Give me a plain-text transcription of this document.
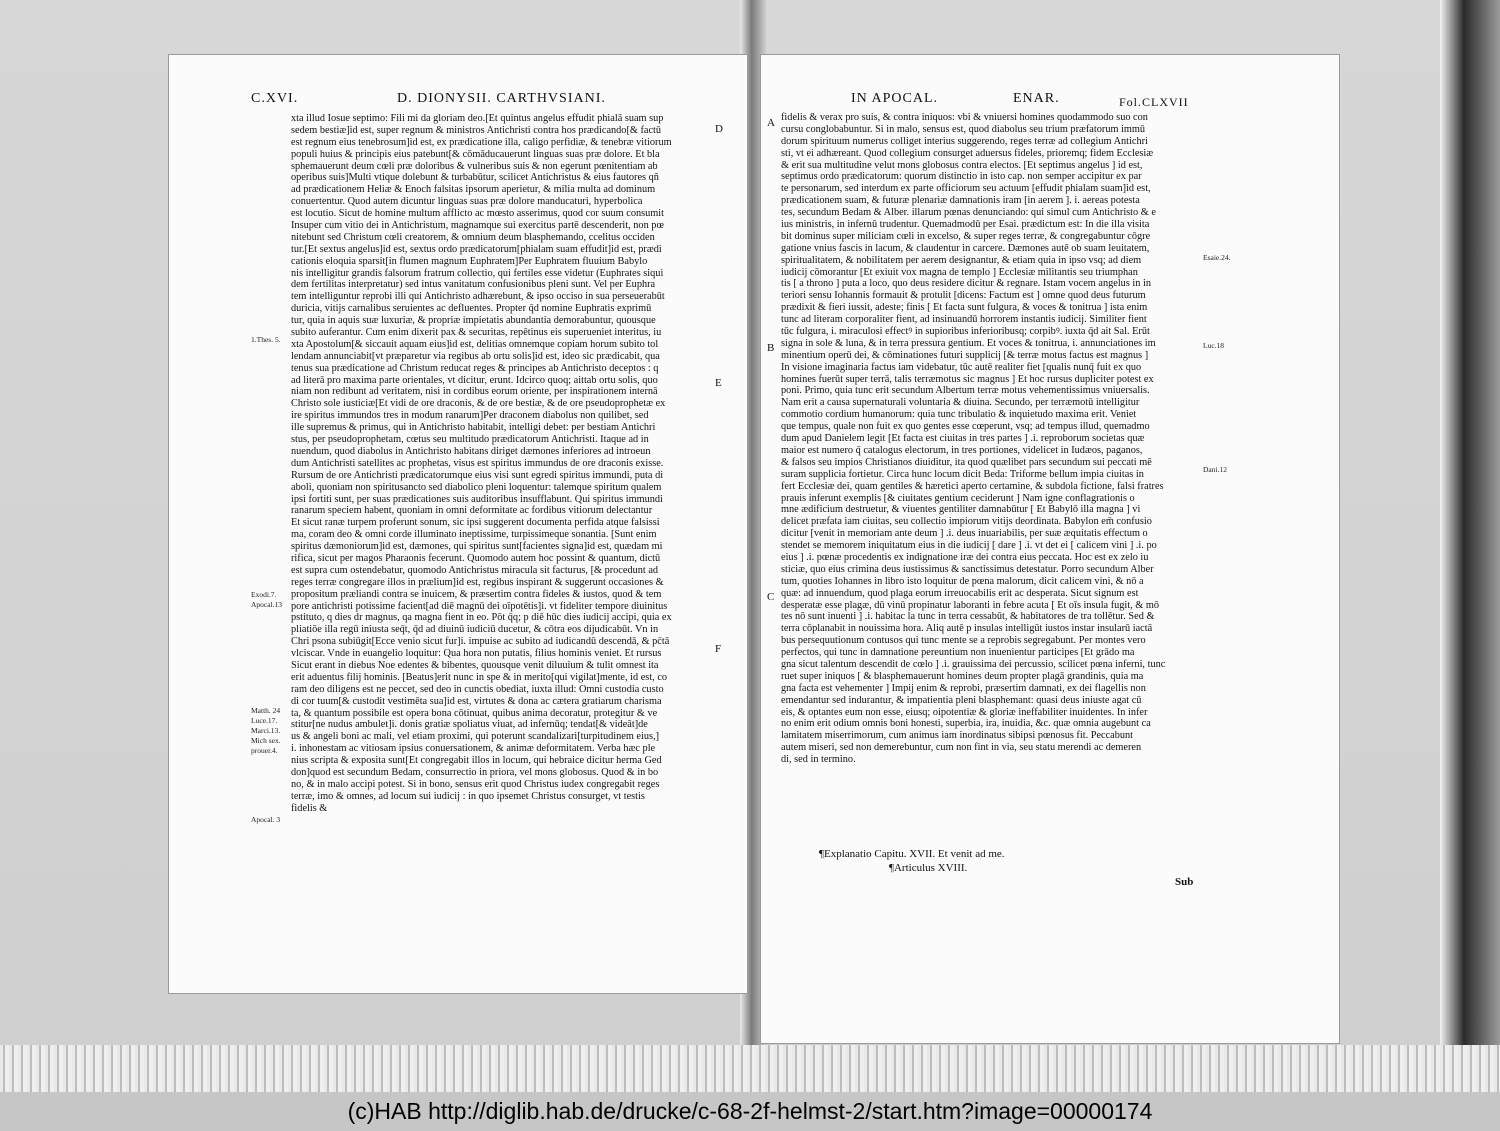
C.XVI.	D. DIONYSII. CARTHVSIANI.
xta illud Iosue septimo: Fili mi da gloriam deo.[Et quintus angelus effudit phialā suam sup
sedem bestiæ]id est, super regnum & ministros Antichristi contra hos prædicando[& factū
est regnum eius tenebrosum]id est, ex prædicatione illa, caligo perfidiæ, & tenebræ vitiorum
populi huius & principis eius patebunt[& cōmāducauerunt linguas suas præ dolore. Et bla
sphemauerunt deum cœli præ doloribus & vulneribus suis & non egerunt pœnitentiam ab
operibus suis]Multi vtique dolebunt & turbabūtur, scilicet Antichristus & eius fautores qñ
ad prædicationem Heliæ & Enoch falsitas ipsorum aperietur, & milia multa ad dominum
conuertentur. Quod autem dicuntur linguas suas præ dolore manducaturi, hyperbolica
est locutio. Sicut de homine multum afflicto ac mœsto asserimus, quod cor suum consumit
Insuper cum vitio dei in Antichristum, magnamque sui exercitus partē descenderit, non pœ
nitebunt sed Christum cœli creatorem, & omnium deum blasphemando, ccelitus occiden
tur.[Et sextus angelus]id est, sextus ordo prædicatorum[phialam suam effudit]id est, prædi
cationis eloquia sparsit[in flumen magnum Euphratem]Per Euphratem fluuium Babylo
nis intelligitur grandis falsorum fratrum collectio, qui fertiles esse videtur (Euphrates siqui
dem fertilitas interpretatur) sed intus vanitatum confusionibus pleni sunt. Vel per Euphra
tem intelliguntur reprobi illi qui Antichristo adhærebunt, & ipso occiso in sua perseuerabūt
duricia, vitijs carnalibus seruientes ac defluentes. Propter q̄d nomine Euphratis exprimū
tur, quia in aquis suæ luxuriæ, & propriæ impietatis abundantia demorabuntur, quousque
subito auferantur. Cum enim dixerit pax & securitas, repētinus eis superueniet interitus, iu
xta Apostolum[& siccauit aquam eius]id est, delitias omnemque copiam horum subito tol
lendam annunciabit[vt præparetur via regibus ab ortu solis]id est, ideo sic prædicabit, qua
tenus sua prædicatione ad Christum reducat reges & principes ab Antichristo deceptos : q
ad literā pro maxima parte orientales, vt dicitur, erunt. Idcirco quoq; aittab ortu solis, quo
niam non redibunt ad veritatem, nisi in cordibus eorum oriente, per inspirationem internā
Christo sole iusticiæ[Et vidi de ore draconis, & de ore bestiæ, & de ore pseudoprophetæ ex
ire spiritus immundos tres in modum ranarum]Per draconem diabolus non quilibet, sed
ille supremus & primus, qui in Antichristo habitabit, intelligi debet: per bestiam Antichri
stus, per pseudoprophetam, cœtus seu multitudo prædicatorum Antichristi. Itaque ad in
nuendum, quod diabolus in Antichristo habitans diriget dæmones inferiores ad introeun
dum Antichristi satellites ac prophetas, visus est spiritus immundus de ore draconis exisse.
Rursum de ore Antichristi prædicatorumque eius visi sunt egredi spiritus immundi, puta di
aboli, quoniam non spiritusancto sed diabolico pleni loquentur: talemque spiritum qualem
ipsi fortiti sunt, per suas prædicationes suis auditoribus insufflabunt. Qui spiritus immundi
ranarum speciem habent, quoniam in omni deformitate ac fordibus vitiorum delectantur
Et sicut ranæ turpem proferunt sonum, sic ipsi suggerent documenta perfida atque falsissi
ma, coram deo & omni corde illuminato ineptissime, turpissimeque sonantia. [Sunt enim
spiritus dæmoniorum]id est, dæmones, qui spiritus sunt[facientes signa]id est, quædam mi
rifica, sicut per magos Pharaonis fecerunt. Quomodo autem hoc possint & quantum, dictū
est supra cum ostendebatur, quomodo Antichristus miracula sit facturus, [& procedunt ad
reges terræ congregare illos in prælium]id est, regibus inspirant & suggerunt occasiones &
propositum præliandi contra se inuicem, & præsertim contra fideles & iustos, quod & tem
pore antichristi potissime facient[ad diē magnū dei oīpotētis]i. vt fideliter tempore diuinitus
pstituto, q dies dr magnus, qa magna fient in eo. Pōt q̄q; p diē hūc dies iudicij accipi, quia ex
pliatiōe illa regū iniusta seq̄t, q̄d ad diuinū iudiciū ducetur, & cōtra eos dijudicabūt. Vn in
Chri psona subiūgit[Ecce venio sicut fur]i. impuise ac subito ad iudicandū descendā, & pc̄tā
vlciscar. Vnde in euangelio loquitur: Qua hora non putatis, filius hominis veniet. Et rursus
Sicut erant in diebus Noe edentes & bibentes, quousque venit diluuium & tulit omnest ita
erit aduentus filij hominis. [Beatus]erit nunc in spe & in merito[qui vigilat]mente, id est, co
ram deo diligens est ne peccet, sed deo in cunctis obediat, iuxta illud: Omni custodia custo
di cor tuum[& custodit vestimēta sua]id est, virtutes & dona ac cætera gratiarum charisma
ta, & quantum possibile est opera bona cōtinuat, quibus anima decoratur, protegitur & ve
stitur[ne nudus ambulet]i. donis gratiæ spoliatus viuat, ad infernūq; tendat[& videāt]de
us & angeli boni ac mali, vel etiam proximi, qui poterunt scandalizari[turpitudinem eius,]
i. inhonestam ac vitiosam ipsius conuersationem, & animæ deformitatem. Verba hæc ple
nius scripta & exposita sunt[Et congregabit illos in locum, qui hebraice dicitur herma Ged
don]quod est secundum Bedam, consurrectio in priora, vel mons globosus. Quod & in bo
no, & in malo accipi potest. Si in bono, sensus erit quod Christus iudex congregabit reges
terræ, imo & omnes, ad locum sui iudicij : in quo ipsemet Christus consurget, vt testis
fidelis &
D
E
F
1.Thes. 5.
Exodi.7.
Apocal.13
Matth. 24
Luce.17.
Marci.13.
Mich sex.
prouer.4.
Apocal. 3
IN APOCAL.	ENAR.	Fol.CLXVII
fidelis & verax pro suis, & contra iniquos: vbi & vniuersi homines quodammodo suo con
cursu conglobabuntur. Si in malo, sensus est, quod diabolus seu trium præfatorum immū
dorum spirituum numerus colliget interius suggerendo, reges terræ ad collegium Antichri
sti, vt ei adhæreant. Quod collegium consurget aduersus fideles, prioremq; fidem Ecclesiæ
& erit sua multitudine velut mons globosus contra electos. [Et septimus angelus ] id est,
septimus ordo prædicatorum: quorum distinctio in isto cap. non semper accipitur ex par
te personarum, sed interdum ex parte officiorum seu actuum [effudit phialam suam]id est,
prædicationem suam, & futuræ plenariæ damnationis iram [in aerem ]. i. aereas potesta
tes, secundum Bedam & Alber. illarum pœnas denunciando: qui simul cum Antichristo & e
ius ministris, in infernū trudentur. Quemadmodū per Esai. prædictum est: In die illa visita
bit dominus super miliciam cœli in excelso, & super reges terræ, & congregabuntur cōgre
gatione vnius fascis in lacum, & claudentur in carcere. Dæmones autē ob suam leuitatem,
spiritualitatem, & nobilitatem per aerem designantur, & etiam quia in ipso vsq; ad diem
iudicij cōmorantur [Et exiuit vox magna de templo ] Ecclesiæ militantis seu triumphan
tis [ a throno ] puta a loco, quo deus residere dicitur & regnare. Istam vocem angelus in in
teriori sensu Iohannis formauit & protulit [dicens: Factum est ] omne quod deus futurum
prædixit & fieri iussit, adeste; finis [ Et facta sunt fulgura, & voces & tonitrua ] ista enim
tunc ad literam corporaliter fient, ad insinuandū horrorem instantis iudicij. Similiter fient
tūc fulgura, i. miraculosi effectꝰ in supioribus inferioribusq; corpibꝰ. iuxta q̄d ait Sal. Erūt
signa in sole & luna, & in terra pressura gentium. Et voces & tonitrua, i. annunciationes im
minentium operū dei, & cōminationes futuri supplicij [& terræ motus factus est magnus ]
In visione imaginaria factus iam videbatur, tūc autē realiter fiet [qualis nunq̄ fuit ex quo
homines fuerūt super terrā, talis terræmotus sic magnus ] Et hoc rursus dupliciter potest ex
poni. Primo, quia tunc erit secundum Albertum terræ motus vehementissimus vniuersalis.
Nam erit a causa supernaturali voluntaria & diuina. Secundo, per terræmotū intelligitur
commotio cordium humanorum: quia tunc tribulatio & inquietudo maxima erit. Veniet
que tempus, quale non fuit ex quo gentes esse cœperunt, vsq; ad tempus illud, quemadmo
dum apud Danielem legit [Et facta est ciuitas in tres partes ] .i. reproborum societas quæ
maior est numero q̄ catalogus electorum, in tres portiones, videlicet in Iudæos, paganos,
& falsos seu impios Christianos diuiditur, ita quod quælibet pars secundum sui peccati mē
suram supplicia fortietur. Circa hunc locum dicit Beda: Triforme bellum impia ciuitas in
fert Ecclesiæ dei, quam gentiles & hæretici aperto certamine, & subdola fictione, falsi fratres
prauis inferunt exemplis [& ciuitates gentium ceciderunt ] Nam igne conflagrationis o
mne ædificium destruetur, & viuentes gentiliter damnabūtur [ Et Babylō illa magna ] vi
delicet præfata iam ciuitas, seu collectio impiorum vitijs deordinata. Babylon em̄ confusio
dicitur [venit in memoriam ante deum ] .i. deus inuariabilis, per suæ æquitatis effectum o
stendet se memorem iniquitatum eius in die iudicij [ dare ] .i. vt det ei [ calicem vini ] .i. po
eius ] .i. pœnæ procedentis ex indignatione iræ dei contra eius peccata. Hoc est ex zelo iu
sticiæ, quo eius crimina deus iustissimus & sanctissimus detestatur. Porro secundum Alber
tum, quoties Iohannes in libro isto loquitur de pœna malorum, dicit calicem vini, & nō a
quæ: ad innuendum, quod plaga eorum irreuocabilis erit ac desperata. Sicut signum est
desperatæ esse plagæ, dū vinū propinatur laboranti in febre acuta [ Et oīs insula fugit, & mō
tes nō sunt inuenti ] .i. habitac la tunc in terra cessabūt, & habitatores de tra tollētur. Sed &
terra cōplanabit in nouissima hora. Aliq autē p insulas intelligūt iustos instar insularū iactā
bus persequutionum contusos qui tunc mente se a reprobis segregabunt. Per montes vero
perfectos, qui tunc in damnatione pereuntium non inuenientur participes [Et grādo ma
gna sicut talentum descendit de cœlo ] .i. grauissima dei percussio, scilicet pœna inferni, tunc
ruet super iniquos [ & blasphemauerunt homines deum propter plagā grandinis, quia ma
gna facta est vehementer ] Impij enim & reprobi, præsertim damnati, ex dei flagellis non
emendantur sed indurantur, & impatientia pleni blasphemant: quasi deus iniuste agat cū
eis, & optantes eum non esse, eiusq; oipotentiæ & gloriæ ineffabiliter inuidentes. In infer
no enim erit odium omnis boni honesti, superbia, ira, inuidia, &c. quæ omnia augebunt ca
lamitatem miserrimorum, cum animus iam inordinatus sibipsi pœnosus fit. Peccabunt
autem miseri, sed non demerebuntur, cum non fint in via, seu statu merendi ac demeren
di, sed in termino.
A
B
C
Esaie.24.
Luc.18
Dani.12
¶Explanatio Capitu. XVII. Et venit ad me.
¶Articulus XVIII.
Sub
(c)HAB http://diglib.hab.de/drucke/c-68-2f-helmst-2/start.htm?image=00000174
